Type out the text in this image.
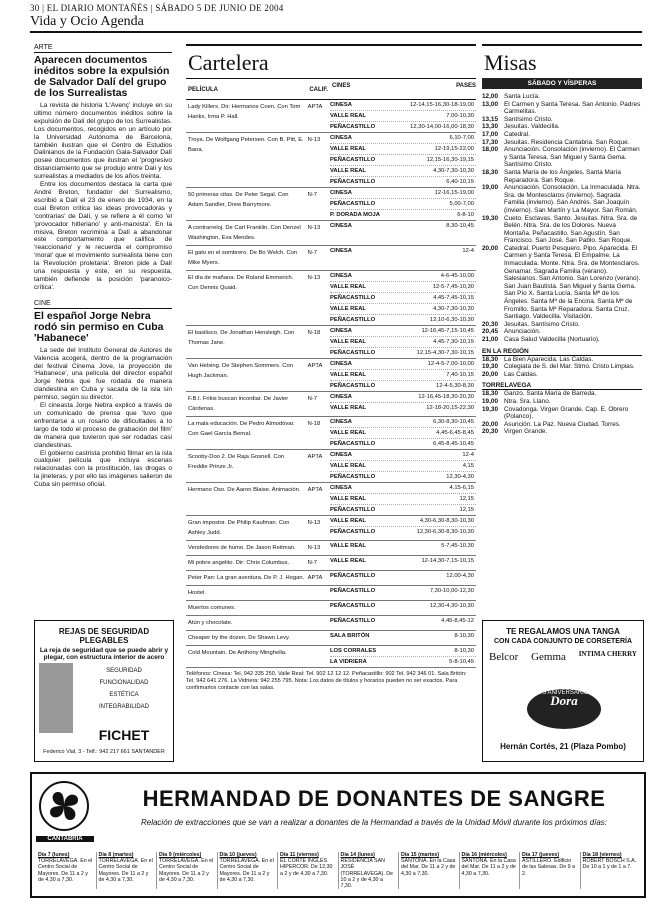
30 | EL DIARIO MONTAÑÉS | SÁBADO 5 DE JUNIO DE 2004
Vida y Ocio Agenda
ARTE
Aparecen documentos inéditos sobre la expulsión de Salvador Dalí del grupo de los Surrealistas

La revista de historia 'L'Avenç' incluye en su último número documentos inéditos sobre la expulsión de Dalí del grupo de los Surrealistas. Los documentos, recogidos en un artículo por la Universidad Autónoma de Barcelona, también ilustran que el Centro de Estudios Dalinianos de la Fundación Gala-Salvador Dalí posee documentos que ilustran el 'progresivo distanciamiento que se produjo entre Dalí y los surrealistas a mediados de los años treinta.

Entre los documentos destaca la carta que André Breton, fundador del Surrealismo, escribió a Dalí el 23 de enero de 1934, en la cual Breton critica las ideas provocadoras y 'contrarias' de Dalí, y se refiere a él como 'el 'provocador hitleriano' y anti-marxista'. En la misiva, Breton recrimina a Dalí a abandonar este comportamiento que califica de 'reaccionario' y le recuerda el compromiso 'moral' que el movimiento surrealista tiene con la 'Revolución proletaria'. Breton pide a Dalí una respuesta y este, en su respuesta, también defiende la posición 'paranoico-crítica'.

CINE
El español Jorge Nebra rodó sin permiso en Cuba 'Habanece'

La sede del Instituto General de Autores de Valencia acogerá, dentro de la programación del festival Cinema Jove, la proyección de 'Habanece', una película del director español Jorge Nebra que fue rodada de manera clandestina en Cuba y sacada de la isla sin permiso, según su director.

El cineasta Jorge Nebra explicó a través de un comunicado de prensa que 'tuvo que enfrentarse a un rosario de dificultades a lo largo de todo el proceso de grabación del film' de manera que tuvieron que ser rodadas casi clandestinas.

El gobierno castrista prohibió filmar en la isla cualquier película que incluya escenas relacionadas con la prostitución, las drogas o la jineteras, y por ello las imágenes salieron de Cuba sin permiso oficial.

REJAS DE SEGURIDAD PLEGABLES
La reja de seguridad que se puede abrir y plegar, con estructura interior de acero
SEGURIDAD
FUNCIONALIDAD
ESTÉTICA
INTEGRABILIDAD
FICHET
Federico Vial, 3 - Telf.: 942 217 661 SANTANDER
Cartelera
PELÍCULA	CALIF.
CINES	PASES
Lady Killers. Dir: Hermanos Coen. Con Tom Hanks, Irma P. Hall.
APTA	CINESA	12-14,15-16,30-18-19,00
VALLE REAL	7,00-10,30
PEÑACASTILLO	12,30-14,00-16,00-18,30
Troya. De Wolfgang Petersen. Con B. Pitt, E. Bana.
N-13	CINESA	6,10-7,00
VALLE REAL	12-19,15-22,00
PEÑACASTILLO	12,15-16,30-19,15
VALLE REAL	4,30-7,30-10,30
PEÑACASTILLO	6,40-10,15
50 primeras citas. De Peter Segal. Con Adam Sandler, Drew Barrymore.
N-7	CINESA	12-16,15-19,00
PEÑACASTILLO	5,00-7,00
P. DORADA MOJA	6-8-10
A contrarreloj. De Carl Franklin. Con Denzel Washington, Eva Mendes.
N-13	CINESA	8,30-10,45
El gato en el sombrero. De Bo Welch. Con Mike Myers.
N-7	CINESA	12-4
El día de mañana. De Roland Emmerich. Con Dennis Quaid.
N-13	CINESA	4-6-45-10,00
VALLE REAL	12-5-7,45-10,30
PEÑACASTILLO	4,45-7,45-10,15
VALLE REAL	4,30-7,30-10,30
PEÑACASTILLO	12,10-6,30-10,30
El basilisco. De Jonathan Hensleigh. Con Thomas Jane.
N-18	CINESA	12-16,45-7,15-10,45
VALLE REAL	4,45-7,30-10,15
PEÑACASTILLO	12,15-4,30-7,30-10,15
Van Helsing. De Stephen Sommers. Con Hugh Jackman.
APTA	CINESA	12-4-5-7,00-10,00
VALLE REAL	7,40-10,15
PEÑACASTILLO	12-4-5,30-8,30
F.B.I. Frikis buscan incordiar. De Javier Cárdenas.
N-7	CINESA	12-16,45-18,30-20,30
VALLE REAL	12-18-20,15-22,30
La mala educación. De Pedro Almodóvar. Con Gael García Bernal.
N-18	CINESA	6,30-8,30-10,45
VALLE REAL	4,45-6,45-8,45
PEÑACASTILLO	6,45-8,45-10,45
Scooby-Doo 2. De Raja Gosnell. Con Freddie Prinze Jr.
APTA	CINESA	12-4
VALLE REAL	4,15
PEÑACASTILLO	12,30-4,30
Hermano Oso. De Aaron Blaise. Animación.	APTA	CINESA	4,15-6,15
VALLE REAL	12,15
PEÑACASTILLO	12,15
Gran impostor. De Philip Kaufman. Con Ashley Judd.
N-13	VALLE REAL	4,30-6,30-8,30-10,30
PEÑACASTILLO	12,30-6,30-8,30-10,30
Vendedores de humo. De Jason Reitman.	N-13	VALLE REAL	5-7,45-10,30
Mi pobre angelito. Dir: Chris Columbus.	N-7	VALLE REAL	12-14,30-7,15-10,15
Peter Pan: La gran aventura. De P. J. Hogan. APTA	PEÑACASTILLO	12,00-4,30
Hostel.	PEÑACASTILLO	7,30-10,00-12,30
Muertos comunes.	PEÑACASTILLO	12,30-4,30-10,30
Atún y chocolate.	PEÑACASTILLO	4,45-8,45-12
Cheaper by the dozen. De Shawn Levy.	SALA BRITÓN	8-10,30
Cold Mountain. De Anthony Minghella.	LOS CORRALES	8-10,30
LA VIDRIERA	5-8-10,45
Teléfonos: Cinesa: Tel. 942 335 250. Valle Real: Tel. 902 12 12 12. Peñacastillo: 902 Tel. 942 346 01. Sala Britón: Tel. 942 641 276. La Vidriera: 942 255 795. Nota: Los datos de títulos y horarios pueden no ser exactos. Para confirmarlos contacte con las salas.
Misas
SÁBADO Y VÍSPERAS
12,00 Santa Lucía.
13,00 El Carmen y Santa Teresa. San Antonio. Padres Carmelitas.
13,15 Santísimo Cristo.
13,30 Jesuitas. Valdecilla.
17,00 Catedral.
17,30 Jesuitas. Residencia Cantabria. San Roque.
18,00 Anunciación. Consolación (invierno). El Carmen y Santa Teresa. San Miguel y Santa Gema. Santísimo Cristo.
18,30 Santa María de los Ángeles. Santa María Reparadora. San Roque.
19,00 Anunciación. Consolación. La Inmaculada. Ntra. Sra. de Montesclaros (invierno). Sagrada Familia (invierno). San Andrés. San Joaquín (invierno). San Martín y La Mayor. San Román.
19,30 Cueto. Esclavas. Santo. Jesuitas. Ntra. Sra. de Belén. Ntra. Sra. de los Dolores. Nueva Montaña. Peñacastillo. San Agustín. San Francisco. San José. San Pablo. San Roque.
20,00 Catedral. Puerto Pesquero. Pipo. Aparecida. El Carmen y Santa Teresa. El Empalme. La Inmaculada. Monte. Ntra. Sra. de Montesclaros. Genamar. Sagrada Familia (verano). Salesianos. San Antonio. San Lorenzo (verano). San Juan Bautista. San Miguel y Santa Gema. San Pío X. Santa Lucía. Santa Mª de los Ángeles. Santa Mª de la Encina. Santa Mª de Fromillo. Santa Mª Reparadora. Santa Cruz. Santiago. Valdecilla. Visitación.
20,30 Jesuitas. Santísimo Cristo.
20,45 Anunciación.
21,00 Casa Salud Valdecilla (Nortuario).
EN LA REGIÓN
18,30 La Bien Aparecida. Las Caldas.
19,30 Colegiata de S. del Mar. Stmo. Cristo Limpias.
20,00 Las Caldas.
TORRELAVEGA
18,30 Ganzo. Santa María de Barreda.
19,00 Ntra. Sra. Llano.
19,30 Covadonga. Virgen Grande. Cap. E. Obrero (Polanco).
20,00 Asunción. La Paz. Nueva Ciudad. Torres.
20,30 Virgen Grande.
TE REGALAMOS UNA TANGA
CON CADA CONJUNTO DE CORSETERÍA
Belcor Gemma INTIMA CHERRY
75 ANIVERSARIO
Dora
Hernán Cortés, 21 (Plaza Pombo)
CANTABRIA
HERMANDAD DE DONANTES DE SANGRE
Relación de extracciones que se van a realizar a donantes de la Hermandad a través de la Unidad Móvil durante los próximos días:
Día 7 (lunes)
TORRELAVEGA. En el Centro Social de Mayores. De 11 a 2 y de 4,30 a 7,30.
Día 8 (martes)
TORRELAVEGA. En el Centro Social de Mayores. De 11 a 2 y de 4,30 a 7,30.
Día 9 (miércoles)
TORRELAVEGA. En el Centro Social de Mayores. De 11 a 2 y de 4,30 a 7,30.
Día 10 (jueves)
TORRELAVEGA. En el Centro Social de Mayores. De 11 a 2 y de 4,30 a 7,30.
Día 11 (viernes)
EL CORTE INGLÉS HIPERCOR. De 12,30 a 2 y de 4,30 a 7,30.
Día 14 (lunes)
RESIDENCIA SAN JOSÉ (TORRELAVEGA). De 10 a 2 y de 4,30 a 7,30.
Día 15 (martes)
SANTOÑA. En la Casa del Mar. De 11 a 2 y de 4,30 a 7,30.
Día 16 (miércoles)
SANTOÑA. En la Casa del Mar. De 11 a 2 y de 4,30 a 7,30.
Día 17 (jueves)
ASTILLERO. Edificio de las Salesas. De 9 a 2.
Día 18 (viernes)
ROBERT BOSCH S.A. De 10 a 1 y de 1 a 7.
